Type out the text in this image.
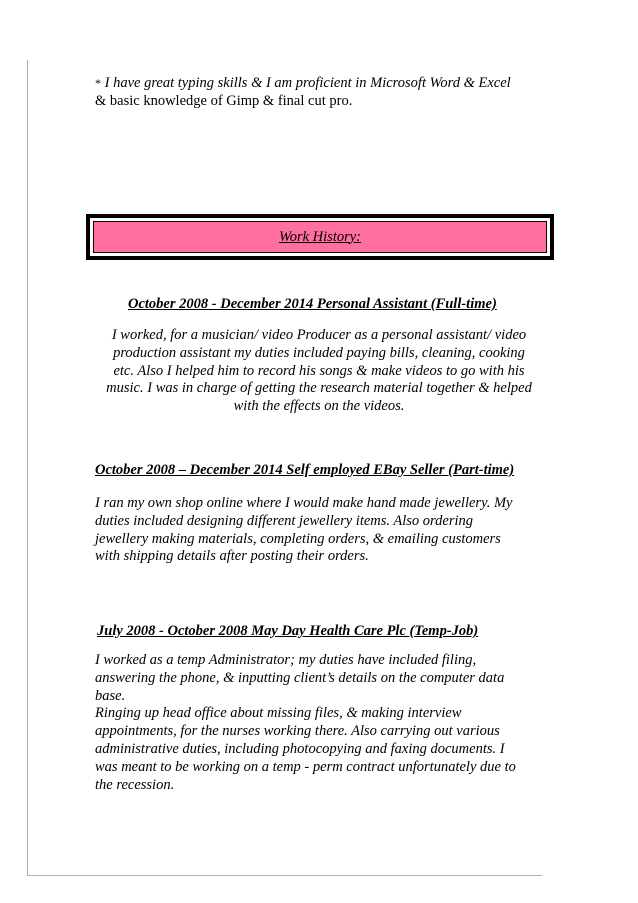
* I have great typing skills & I am proficient in Microsoft Word & Excel
& basic knowledge of Gimp & final cut pro.
Work History:
October 2008 - December 2014 Personal Assistant (Full-time)
I worked, for a musician/ video Producer as a personal assistant/ video
production assistant my duties included paying bills, cleaning, cooking
etc. Also I helped him to record his songs & make videos to go with his
music. I was in charge of getting the research material together & helped
with the effects on the videos.
October 2008 – December 2014 Self employed EBay Seller (Part-time)
I ran my own shop online where I would make hand made jewellery. My
duties included designing different jewellery items. Also ordering
jewellery making materials, completing orders, & emailing customers
with shipping details after posting their orders.
July 2008 - October 2008 May Day Health Care Plc (Temp-Job)
I worked as a temp Administrator; my duties have included filing,
answering the phone, & inputting client’s details on the computer data
base.
Ringing up head office about missing files, & making interview
appointments, for the nurses working there. Also carrying out various
administrative duties, including photocopying and faxing documents. I
was meant to be working on a temp - perm contract unfortunately due to
the recession.
